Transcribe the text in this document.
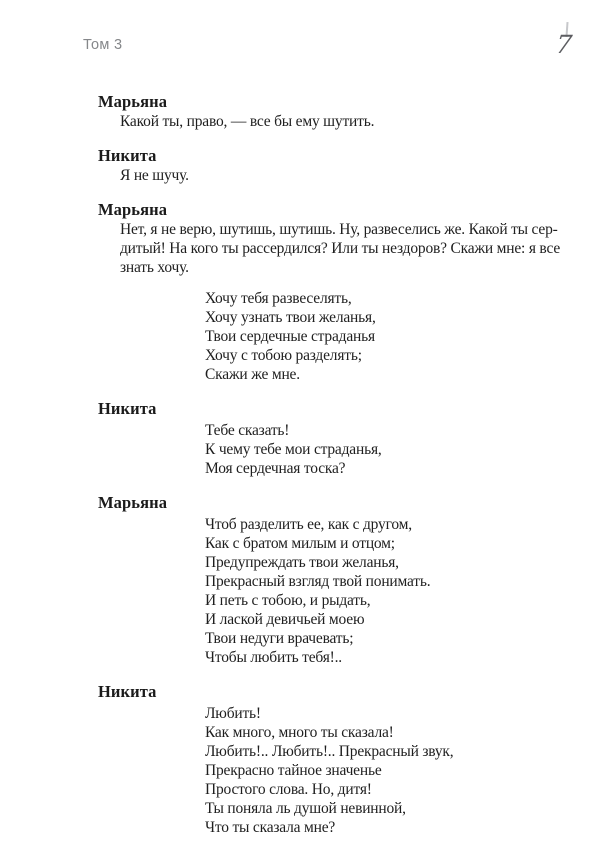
Том 3	7
Марьяна
Какой ты, право, — все бы ему шутить.
Никита
Я не шучу.
Марьяна
Нет, я не верю, шутишь, шутишь. Ну, развеселись же. Какой ты сер-
дитый! На кого ты рассердился? Или ты нездоров? Скажи мне: я все
знать хочу.
Хочу тебя развеселять,
Хочу узнать твои желанья,
Твои сердечные страданья
Хочу с тобою разделять;
Скажи же мне.
Никита
Тебе сказать!
К чему тебе мои страданья,
Моя сердечная тоска?
Марьяна
Чтоб разделить ее, как с другом,
Как с братом милым и отцом;
Предупреждать твои желанья,
Прекрасный взгляд твой понимать.
И петь с тобою, и рыдать,
И лаской девичьей моею
Твои недуги врачевать;
Чтобы любить тебя!..
Никита
Любить!
Как много, много ты сказала!
Любить!.. Любить!.. Прекрасный звук,
Прекрасно тайное значенье
Простого слова. Но, дитя!
Ты поняла ль душой невинной,
Что ты сказала мне?
